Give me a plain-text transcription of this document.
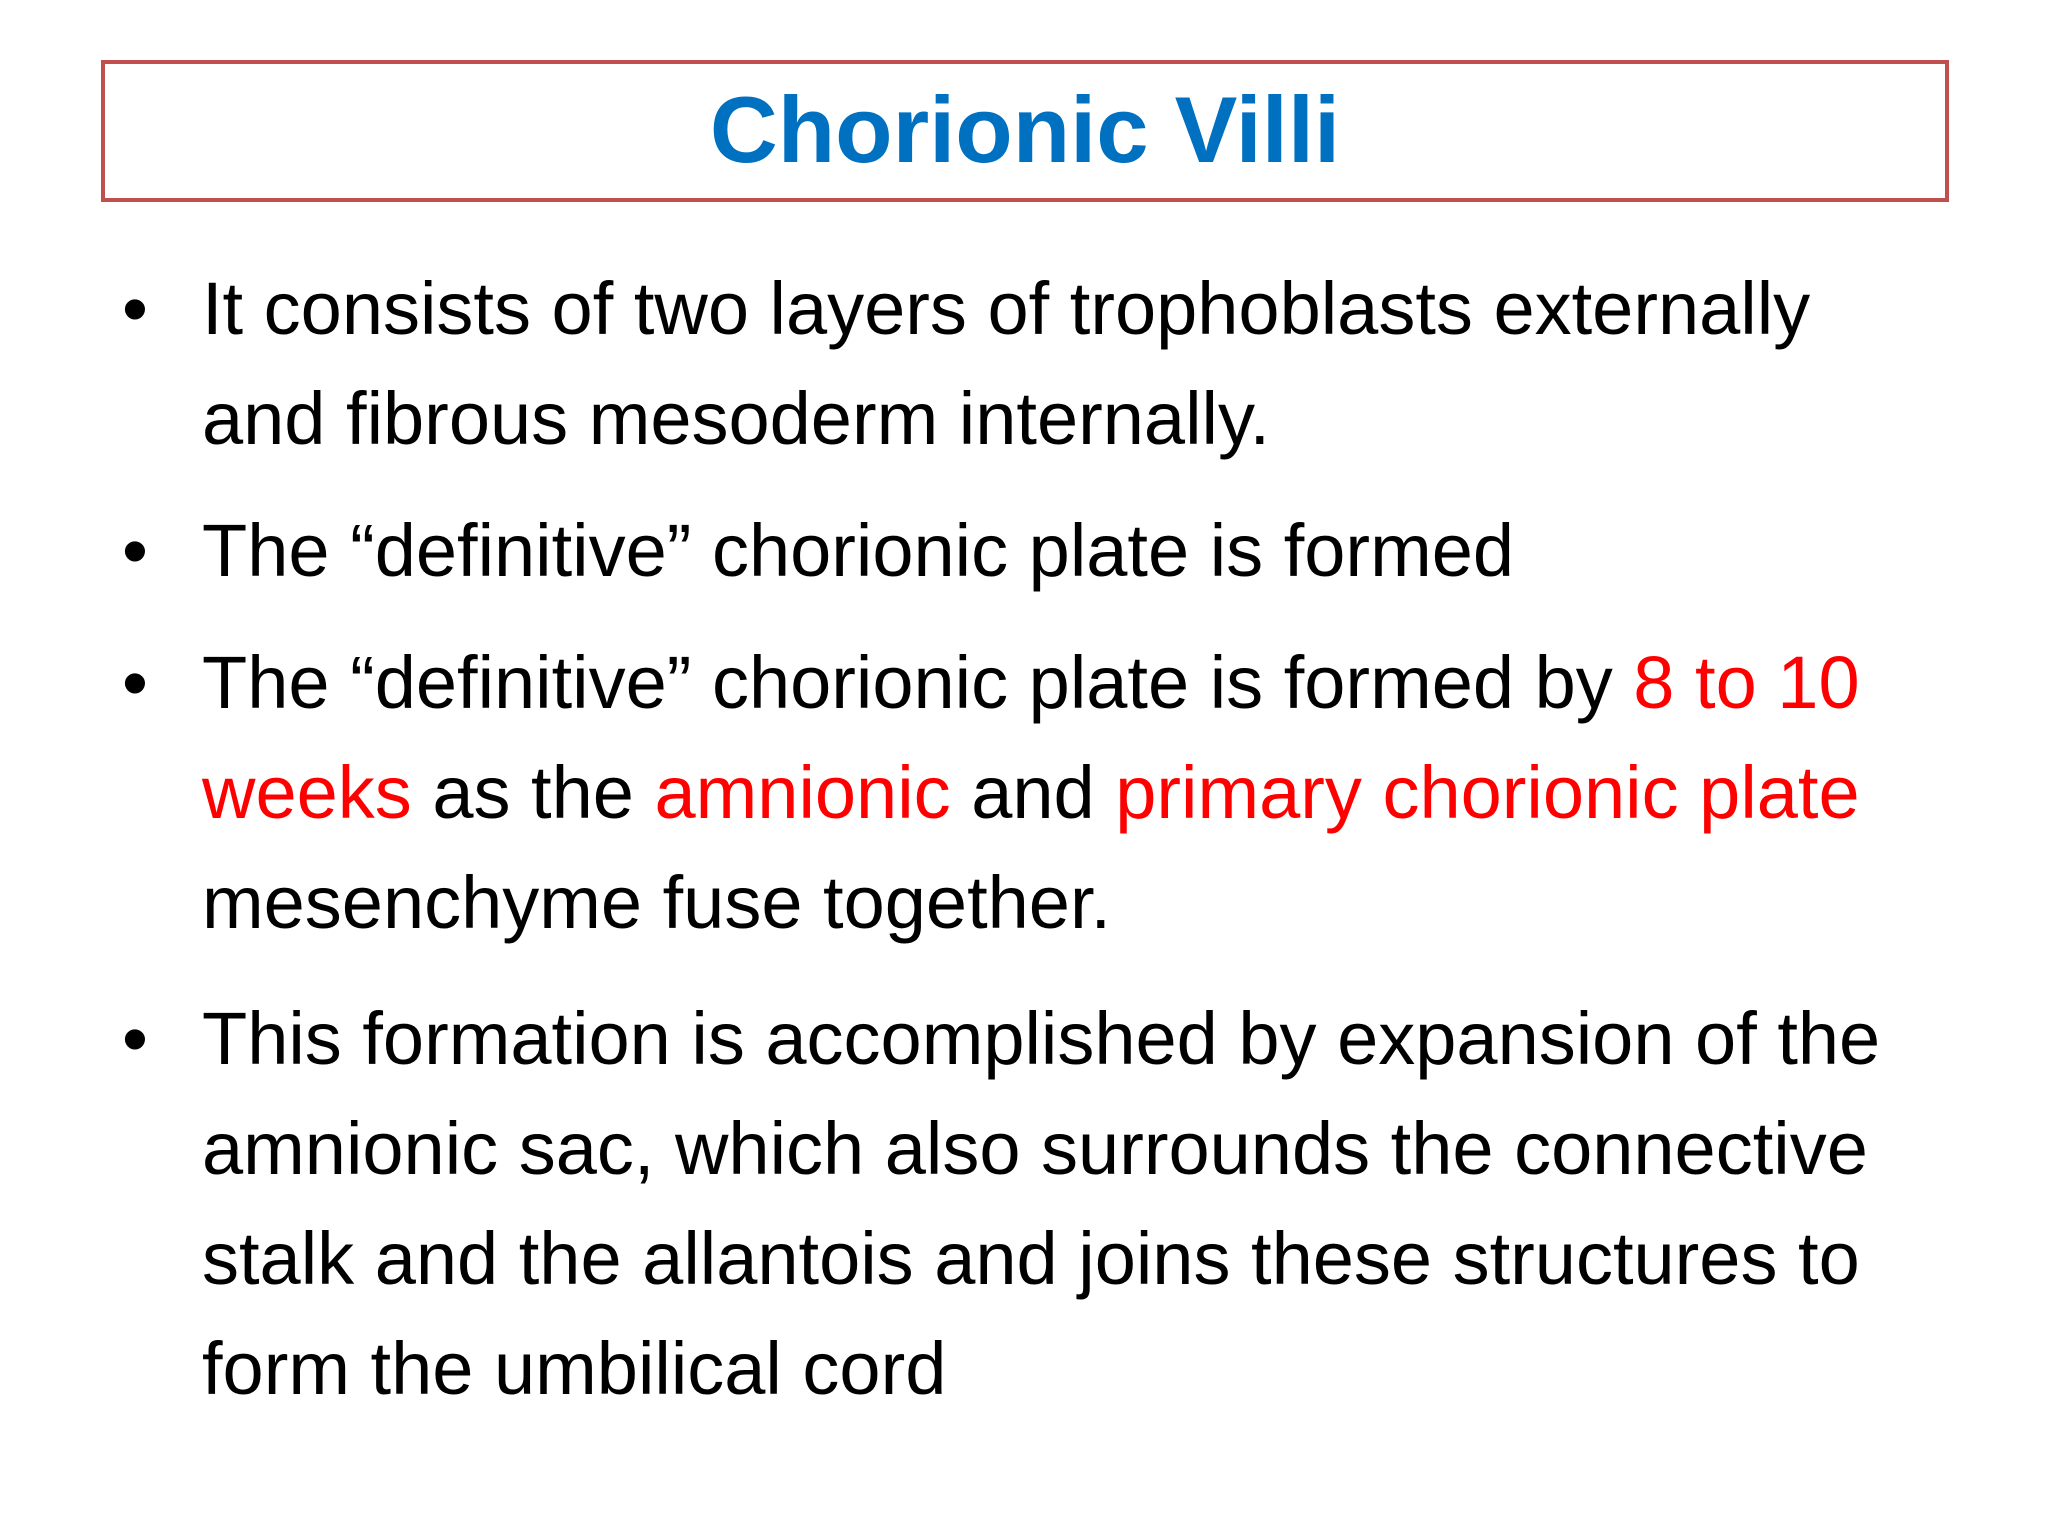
Chorionic Villi
• It consists of two layers of trophoblasts externally and fibrous mesoderm internally.
• The “definitive” chorionic plate is formed
• The “definitive” chorionic plate is formed by 8 to 10 weeks as the amnionic and primary chorionic plate mesenchyme fuse together.
• This formation is accomplished by expansion of the amnionic sac, which also surrounds the connective stalk and the allantois and joins these structures to form the umbilical cord
